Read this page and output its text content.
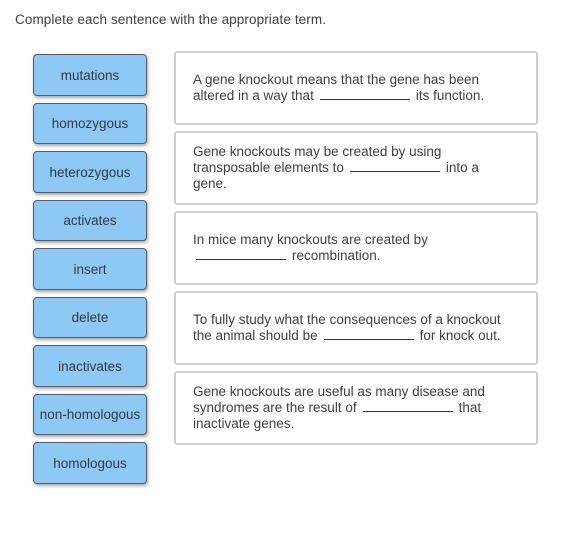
Complete each sentence with the appropriate term.
mutations
homozygous
heterozygous
activates
insert
delete
inactivates
non-homologous
homologous
A gene knockout means that the gene has been altered in a way that	its function.
Gene knockouts may be created by using transposable elements to	into a gene.
In mice many knockouts are created by
recombination.
To fully study what the consequences of a knockout the animal should be	for knock out.
Gene knockouts are useful as many disease and syndromes are the result of	that inactivate genes.
